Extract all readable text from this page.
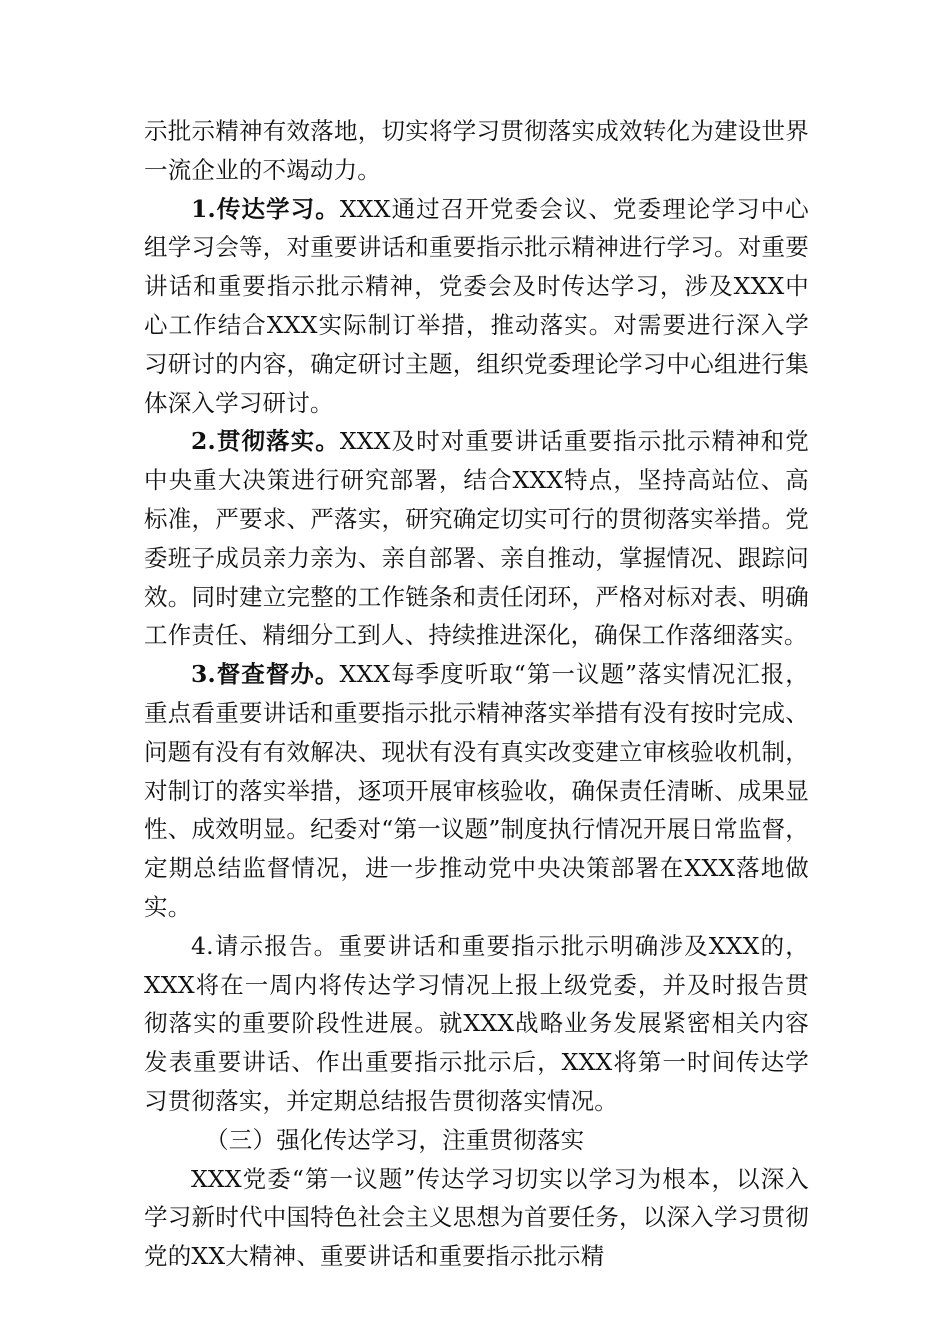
示批示精神有效落地，切实将学习贯彻落实成效转化为建设世界一流企业的不竭动力。

1.传达学习。XXX通过召开党委会议、党委理论学习中心组学习会等，对重要讲话和重要指示批示精神进行学习。对重要讲话和重要指示批示精神，党委会及时传达学习，涉及XXX中心工作结合XXX实际制订举措，推动落实。对需要进行深入学习研讨的内容，确定研讨主题，组织党委理论学习中心组进行集体深入学习研讨。

2.贯彻落实。XXX及时对重要讲话重要指示批示精神和党中央重大决策进行研究部署，结合XXX特点，坚持高站位、高标准，严要求、严落实，研究确定切实可行的贯彻落实举措。党委班子成员亲力亲为、亲自部署、亲自推动，掌握情况、跟踪问效。同时建立完整的工作链条和责任闭环，严格对标对表、明确工作责任、精细分工到人、持续推进深化，确保工作落细落实。

3.督查督办。XXX每季度听取“第一议题”落实情况汇报，重点看重要讲话和重要指示批示精神落实举措有没有按时完成、问题有没有有效解决、现状有没有真实改变建立审核验收机制，对制订的落实举措，逐项开展审核验收，确保责任清晰、成果显性、成效明显。纪委对“第一议题”制度执行情况开展日常监督，定期总结监督情况，进一步推动党中央决策部署在XXX落地做实。

4.请示报告。重要讲话和重要指示批示明确涉及XXX的，XXX将在一周内将传达学习情况上报上级党委，并及时报告贯彻落实的重要阶段性进展。就XXX战略业务发展紧密相关内容发表重要讲话、作出重要指示批示后，XXX将第一时间传达学习贯彻落实，并定期总结报告贯彻落实情况。

（三）强化传达学习，注重贯彻落实

XXX党委“第一议题”传达学习切实以学习为根本，以深入学习新时代中国特色社会主义思想为首要任务，以深入学习贯彻党的XX大精神、重要讲话和重要指示批示精
